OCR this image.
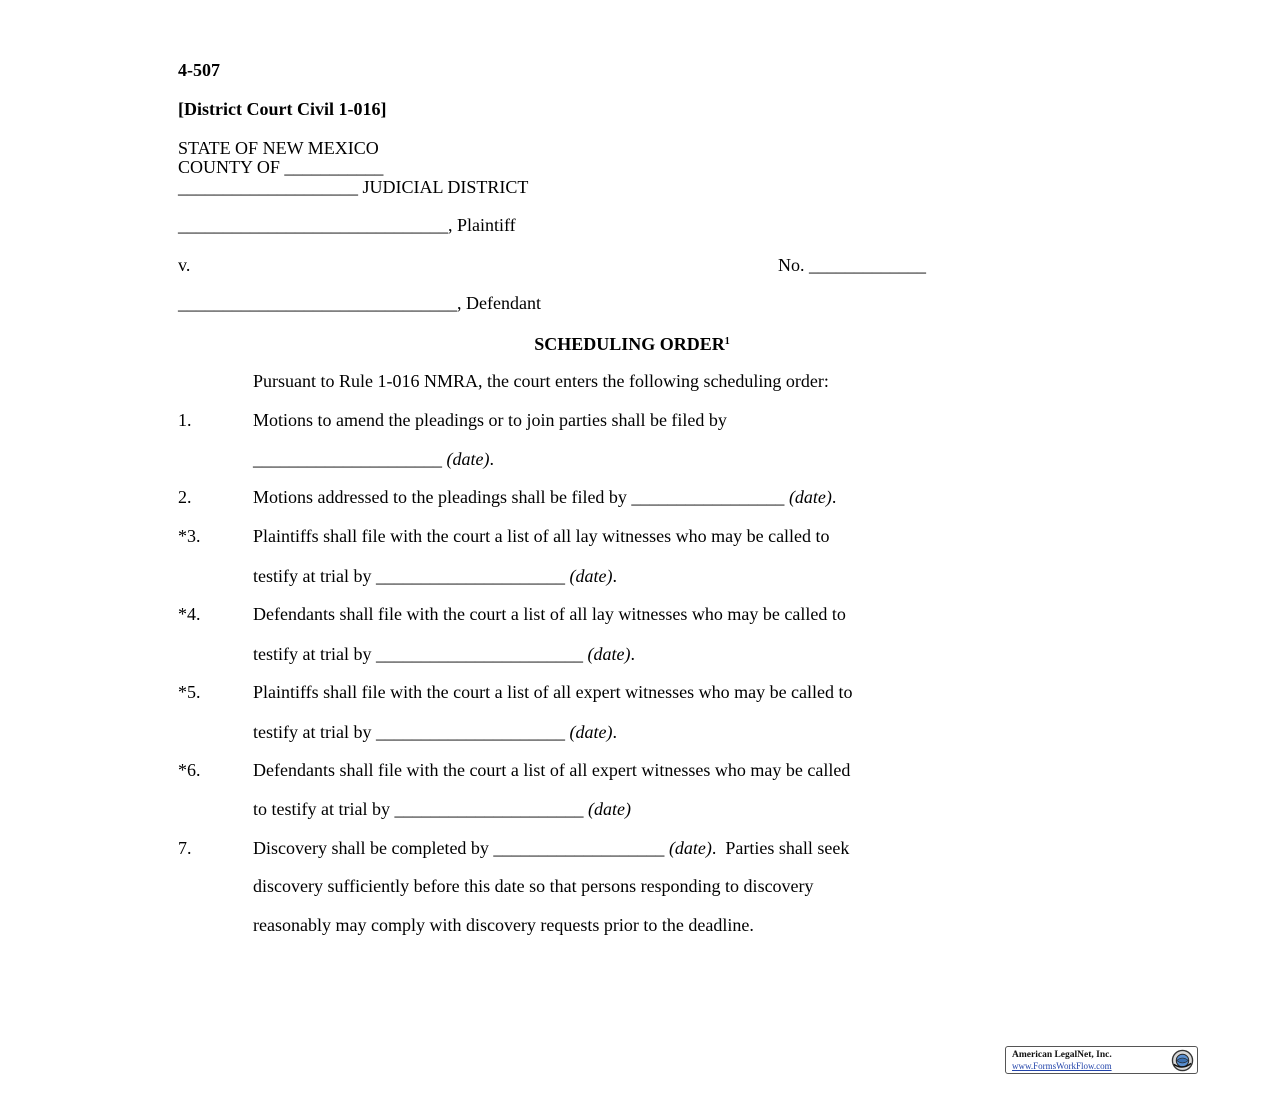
4-507
[District Court Civil 1-016]
STATE OF NEW MEXICO
COUNTY OF ___________
____________________ JUDICIAL DISTRICT
______________________________, Plaintiff
v.	No. _____________
_______________________________, Defendant
SCHEDULING ORDER$^1$
Pursuant to Rule 1-016 NMRA, the court enters the following scheduling order:
1.	Motions to amend the pleadings or to join parties shall be filed by
_____________________ (date).
2.	Motions addressed to the pleadings shall be filed by _________________ (date).
*3.	Plaintiffs shall file with the court a list of all lay witnesses who may be called to
testify at trial by _____________________ (date).
*4.	Defendants shall file with the court a list of all lay witnesses who may be called to
testify at trial by _______________________ (date).
*5.	Plaintiffs shall file with the court a list of all expert witnesses who may be called to
testify at trial by _____________________ (date).
*6.	Defendants shall file with the court a list of all expert witnesses who may be called
to testify at trial by _____________________ (date)
7.	Discovery shall be completed by ___________________ (date).  Parties shall seek
discovery sufficiently before this date so that persons responding to discovery
reasonably may comply with discovery requests prior to the deadline.
American LegalNet, Inc.
www.FormsWorkFlow.com
